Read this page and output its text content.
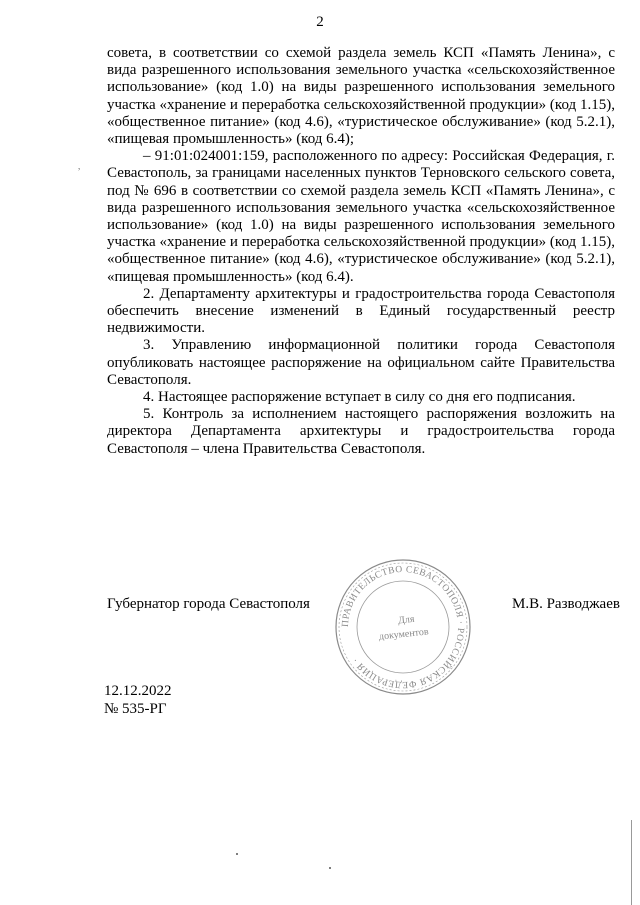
2
,

совета, в соответствии со схемой раздела земель КСП «Память Ленина», с вида разрешенного использования земельного участка «сельскохозяйственное использование» (код 1.0) на виды разрешенного использования земельного участка «хранение и переработка сельскохозяйственной продукции» (код 1.15), «общественное питание» (код 4.6), «туристическое обслуживание» (код 5.2.1), «пищевая промышленность» (код 6.4);

– 91:01:024001:159, расположенного по адресу: Российская Федерация, г. Севастополь, за границами населенных пунктов Терновского сельского совета, под № 696 в соответствии со схемой раздела земель КСП «Память Ленина», с вида разрешенного использования земельного участка «сельскохозяйственное использование» (код 1.0) на виды разрешенного использования земельного участка «хранение и переработка сельскохозяйственной продукции» (код 1.15), «общественное питание» (код 4.6), «туристическое обслуживание» (код 5.2.1), «пищевая промышленность» (код 6.4).

2. Департаменту архитектуры и градостроительства города Севастополя обеспечить внесение изменений в Единый государственный реестр недвижимости.

3. Управлению информационной политики города Севастополя опубликовать настоящее распоряжение на официальном сайте Правительства Севастополя.

4. Настоящее распоряжение вступает в силу со дня его подписания.

5. Контроль за исполнением настоящего распоряжения возложить на директора Департамента архитектуры и градостроительства города Севастополя – члена Правительства Севастополя.

ПРАВИТЕЛЬСТВО СЕВАСТОПОЛЯ · РОССИЙСКАЯ ФЕДЕРАЦИЯ ·
Для
документов
Губернатор города Севастополя	М.В. Разводжаев
12.12.2022
№ 535-РГ
